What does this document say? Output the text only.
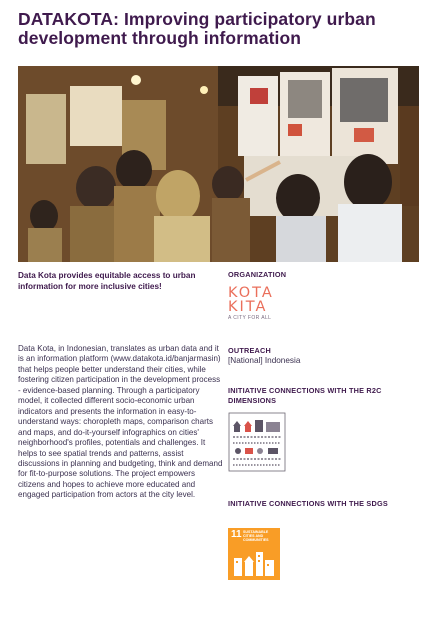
DATAKOTA: Improving participatory urban development through information
Data Kota provides equitable access to urban information for more inclusive cities!
Data Kota, in Indonesian, translates as urban data and it is an information platform (www.datakota.id/banjarmasin) that helps people better understand their cities, while fostering citizen participation in the development process - evidence-based planning. Through a participatory model, it collected different socio-economic urban indicators and presents the information in easy-to-understand ways: choropleth maps, comparison charts and maps, and do-it-yourself infographics on cities' neighborhood's profiles, potentials and challenges. It helps to see spatial trends and patterns, assist discussions in planning and budgeting, think and demand for fit-to-purpose solutions. The project empowers citizens and hopes to achieve more educated and engaged participation from actors at the city level.
ORGANIZATION
KOTA
KITA
A CITY FOR ALL
OUTREACH
[National] Indonesia
INITIATIVE CONNECTIONS WITH THE R2C DIMENSIONS
INITIATIVE CONNECTIONS WITH THE SDGS
11 SUSTAINABLE CITIES AND COMMUNITIES
